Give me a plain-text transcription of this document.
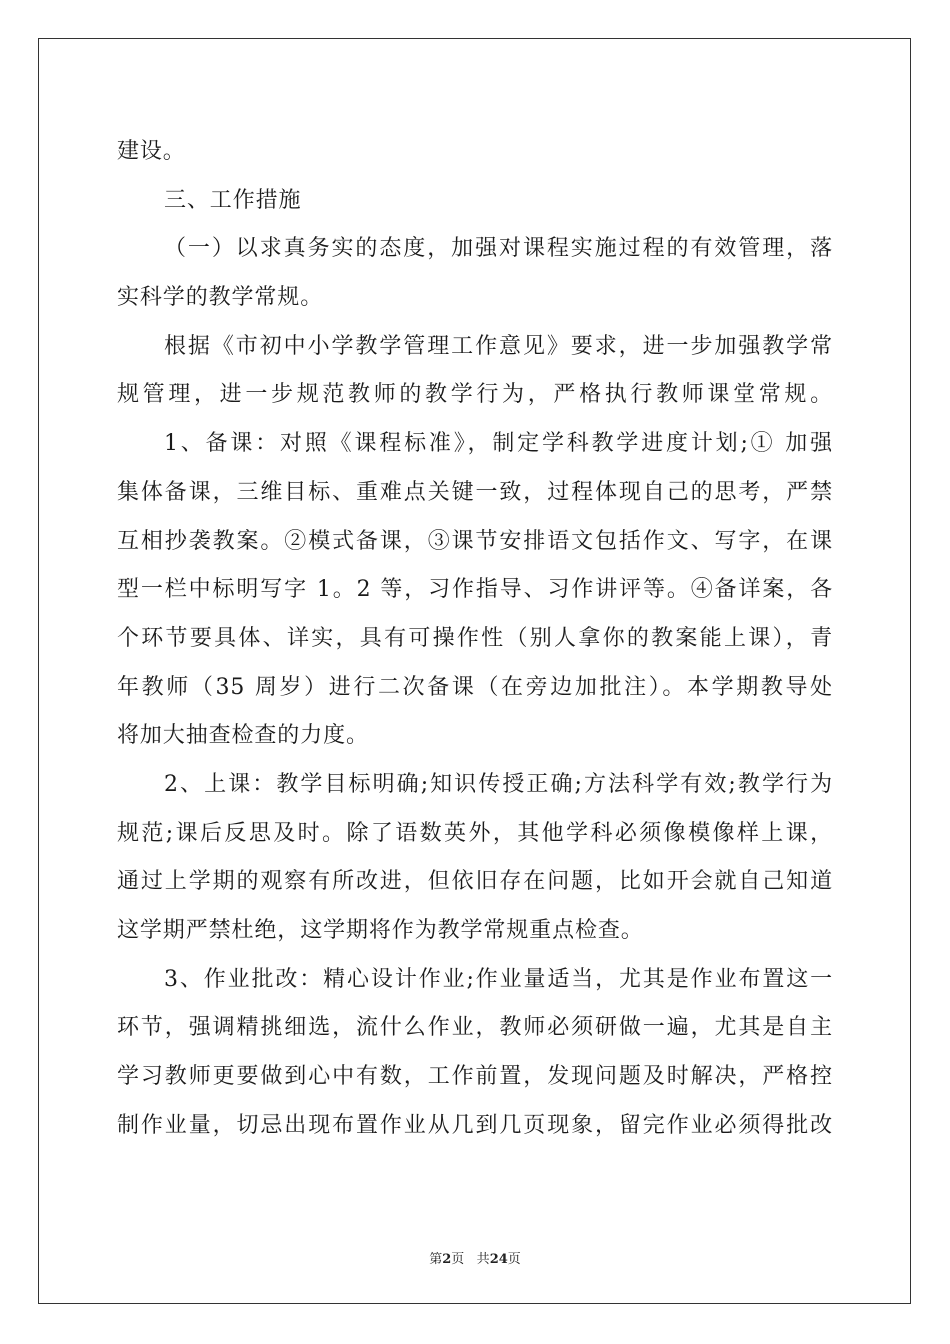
建设。
三、工作措施
（一）以求真务实的态度，加强对课程实施过程的有效管理，落
实科学的教学常规。
根据《市初中小学教学管理工作意见》要求，进一步加强教学常
规管理，进一步规范教师的教学行为，严格执行教师课堂常规。
1、备课：对照《课程标准》，制定学科教学进度计划;① 加强
集体备课，三维目标、重难点关键一致，过程体现自己的思考，严禁
互相抄袭教案。②模式备课，③课节安排语文包括作文、写字，在课
型一栏中标明写字 1。2 等，习作指导、习作讲评等。④备详案，各
个环节要具体、详实，具有可操作性（别人拿你的教案能上课），青
年教师（35 周岁）进行二次备课（在旁边加批注）。本学期教导处
将加大抽查检查的力度。
2、上课：教学目标明确;知识传授正确;方法科学有效;教学行为
规范;课后反思及时。除了语数英外，其他学科必须像模像样上课，
通过上学期的观察有所改进，但依旧存在问题，比如开会就自己知道
这学期严禁杜绝，这学期将作为教学常规重点检查。
3、作业批改：精心设计作业;作业量适当，尤其是作业布置这一
环节，强调精挑细选，流什么作业，教师必须研做一遍，尤其是自主
学习教师更要做到心中有数，工作前置，发现问题及时解决，严格控
制作业量，切忌出现布置作业从几到几页现象，留完作业必须得批改
第2页 共24页
